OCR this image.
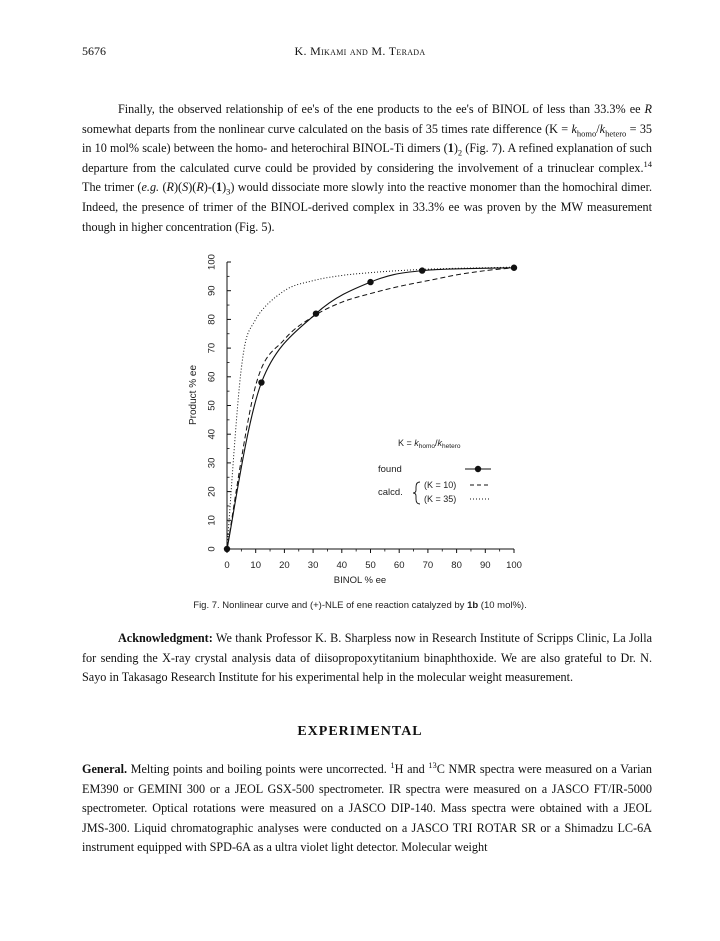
5676	K. Mikami and M. Terada
Finally, the observed relationship of ee's of the ene products to the ee's of BINOL of less than 33.3% ee R somewhat departs from the nonlinear curve calculated on the basis of 35 times rate difference ($K = k_{homo}/k_{hetero} = 35$ in 10 mol% scale) between the homo- and heterochiral BINOL-Ti dimers $(1)_2$ (Fig. 7). A refined explanation of such departure from the calculated curve could be provided by considering the involvement of a trinuclear complex.$^{14}$ The trimer (e.g. $(R)(S)(R)-(1)_3$) would dissociate more slowly into the reactive monomer than the homochiral dimer. Indeed, the presence of trimer of the BINOL-derived complex in 33.3% ee was proven by the MW measurement though in higher concentration (Fig. 5).
0 10 20 30 40 50 60 70 80 90 100
0
10
20
30
40
50
60
70
80
90
100
BINOL % ee
Product % ee
$K = k_{homo}/k_{hetero}$
found
calcd.
(K = 10)
(K = 35)
Fig. 7. Nonlinear curve and (+)-NLE of ene reaction catalyzed by 1b (10 mol%).
Acknowledgment: We thank Professor K. B. Sharpless now in Research Institute of Scripps Clinic, La Jolla for sending the X-ray crystal analysis data of diisopropoxytitanium binaphthoxide. We are also grateful to Dr. N. Sayo in Takasago Research Institute for his experimental help in the molecular weight measurement.
EXPERIMENTAL
General. Melting points and boiling points were uncorrected. $^1$H and $^{13}$C NMR spectra were measured on a Varian EM390 or GEMINI 300 or a JEOL GSX-500 spectrometer. IR spectra were measured on a JASCO FT/IR-5000 spectrometer. Optical rotations were measured on a JASCO DIP-140. Mass spectra were obtained with a JEOL JMS-300. Liquid chromatographic analyses were conducted on a JASCO TRI ROTAR SR or a Shimadzu LC-6A instrument equipped with SPD-6A as a ultra violet light detector. Molecular weight
